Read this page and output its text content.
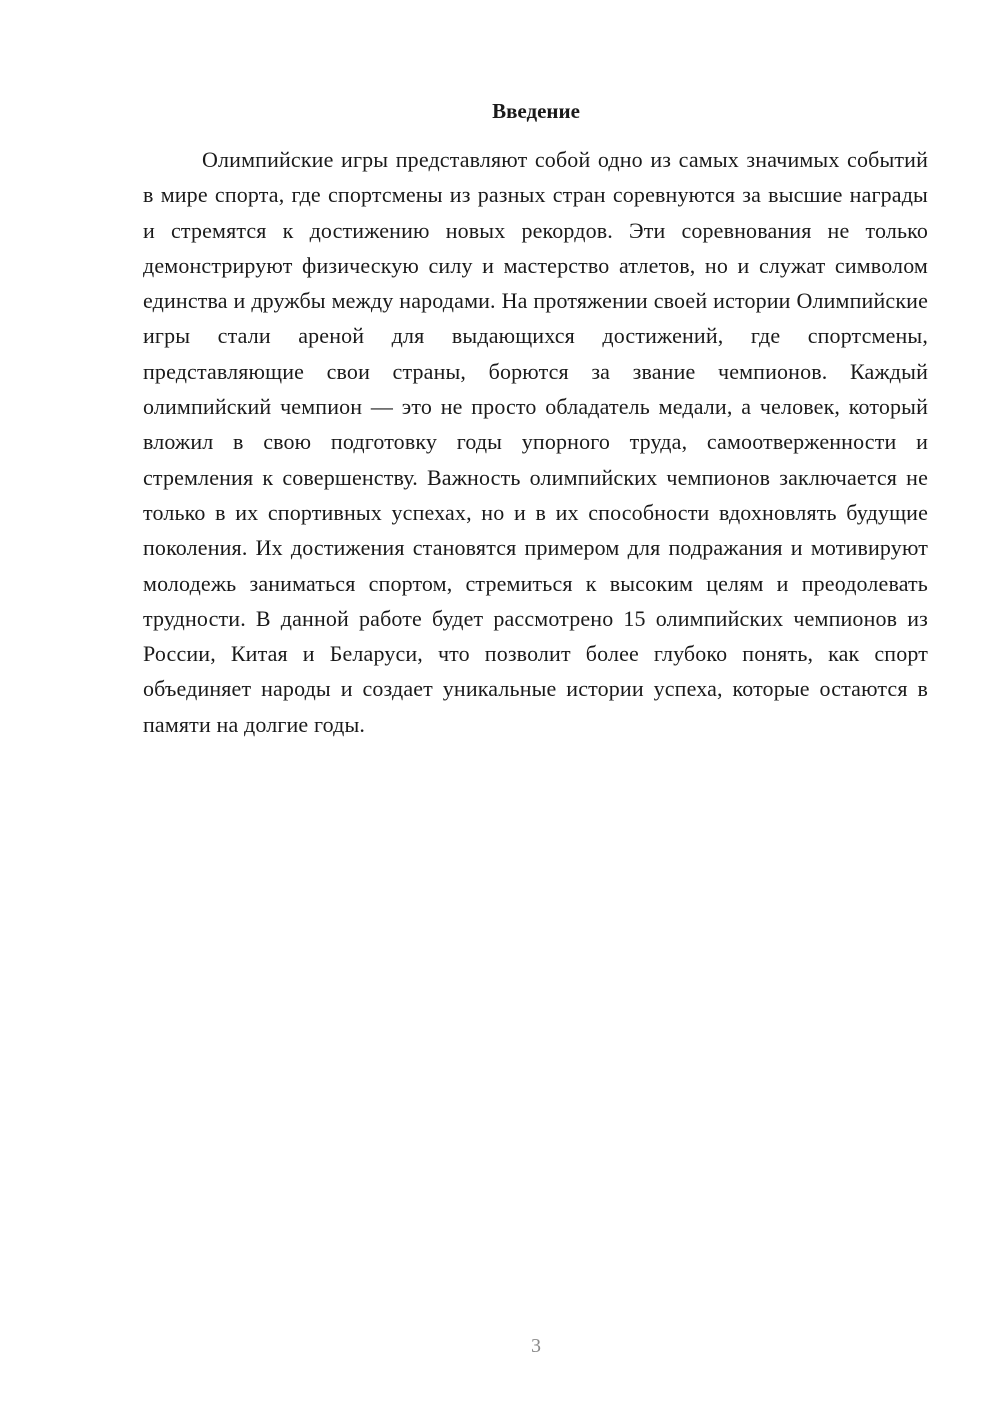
Введение

Олимпийские игры представляют собой одно из самых значимых событий в мире спорта, где спортсмены из разных стран соревнуются за высшие награды и стремятся к достижению новых рекордов. Эти соревнования не только демонстрируют физическую силу и мастерство атлетов, но и служат символом единства и дружбы между народами. На протяжении своей истории Олимпийские игры стали ареной для выдающихся достижений, где спортсмены, представляющие свои страны, борются за звание чемпионов. Каждый олимпийский чемпион — это не просто обладатель медали, а человек, который вложил в свою подготовку годы упорного труда, самоотверженности и стремления к совершенству. Важность олимпийских чемпионов заключается не только в их спортивных успехах, но и в их способности вдохновлять будущие поколения. Их достижения становятся примером для подражания и мотивируют молодежь заниматься спортом, стремиться к высоким целям и преодолевать трудности. В данной работе будет рассмотрено 15 олимпийских чемпионов из России, Китая и Беларуси, что позволит более глубоко понять, как спорт объединяет народы и создает уникальные истории успеха, которые остаются в памяти на долгие годы.

3
